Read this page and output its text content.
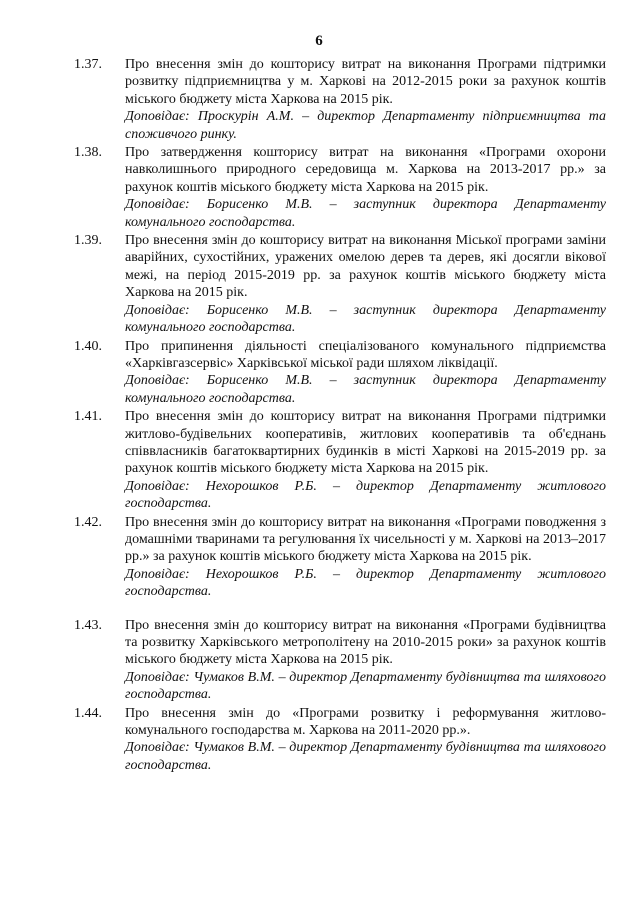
6
1.37.	Про внесення змін до кошторису витрат на виконання Програми підтримки розвитку підприємництва у м. Харкові на 2012-2015 роки за рахунок коштів міського бюджету міста Харкова на 2015 рік.
Доповідає: Проскурін А.М. – директор Департаменту підприємництва та споживчого ринку.
1.38.	Про затвердження кошторису витрат на виконання «Програми охорони навколишнього природного середовища м. Харкова на 2013-2017 рр.» за рахунок коштів міського бюджету міста Харкова на 2015 рік.
Доповідає: Борисенко М.В. – заступник директора Департаменту комунального господарства.
1.39.	Про внесення змін до кошторису витрат на виконання Міської програми заміни аварійних, сухостійних, уражених омелою дерев та дерев, які досягли вікової межі, на період 2015-2019 рр. за рахунок коштів міського бюджету міста Харкова на 2015 рік.
Доповідає: Борисенко М.В. – заступник директора Департаменту комунального господарства.
1.40.	Про припинення діяльності спеціалізованого комунального підприємства «Харківгазсервіс» Харківської міської ради шляхом ліквідації.
Доповідає: Борисенко М.В. – заступник директора Департаменту комунального господарства.
1.41.	Про внесення змін до кошторису витрат на виконання Програми підтримки житлово-будівельних кооперативів, житлових кооперативів та об'єднань співвласників багатоквартирних будинків в місті Харкові на 2015-2019 рр. за рахунок коштів міського бюджету міста Харкова на 2015 рік.
Доповідає: Нехорошков Р.Б. – директор Департаменту житлового господарства.
1.42.	Про внесення змін до кошторису витрат на виконання «Програми поводження з домашніми тваринами та регулювання їх чисельності у м. Харкові на 2013–2017 рр.» за рахунок коштів міського бюджету міста Харкова на 2015 рік.
Доповідає: Нехорошков Р.Б. – директор Департаменту житлового господарства.
1.43.	Про внесення змін до кошторису витрат на виконання «Програми будівництва та розвитку Харківського метрополітену на 2010-2015 роки» за рахунок коштів міського бюджету міста Харкова на 2015 рік.
Доповідає: Чумаков В.М. – директор Департаменту будівництва та шляхового господарства.
1.44.	Про внесення змін до «Програми розвитку і реформування житлово-комунального господарства м. Харкова на 2011-2020 рр.».
Доповідає: Чумаков В.М. – директор Департаменту будівництва та шляхового господарства.
